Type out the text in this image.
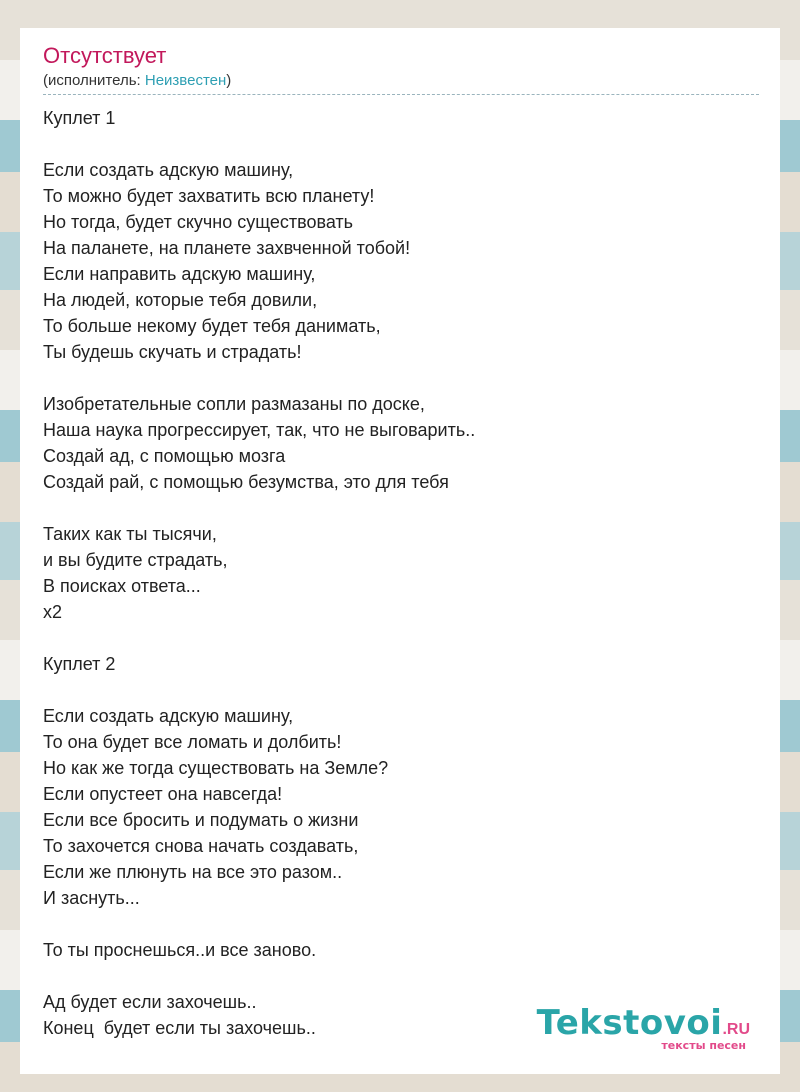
Отсутствует
(исполнитель: Неизвестен)
Куплет 1
Если создать адскую машину,
То можно будет захватить всю планету!
Но тогда, будет скучно существовать
На паланете, на планете захвченной тобой!
Если направить адскую машину,
На людей, которые тебя довили,
То больше некому будет тебя данимать,
Ты будешь скучать и страдать!
Изобретательные сопли размазаны по доске,
Наша наука прогрессирует, так, что не выговарить..
Создай ад, с помощью мозга
Создай рай, с помощью безумства, это для тебя
Таких как ты тысячи,
и вы будите страдать,
В поисках ответа...
x2
Куплет 2
Если создать адскую машину,
То она будет все ломать и долбить!
Но как же тогда существовать на Земле?
Если опустеет она навсегда!
Если все бросить и подумать о жизни
То захочется снова начать создавать,
Если же плюнуть на все это разом..
И заснуть...
То ты проснешься..и все заново.
Ад будет если захочешь..
Конец  будет если ты захочешь..	Tekstovoi.RU
тексты песен
